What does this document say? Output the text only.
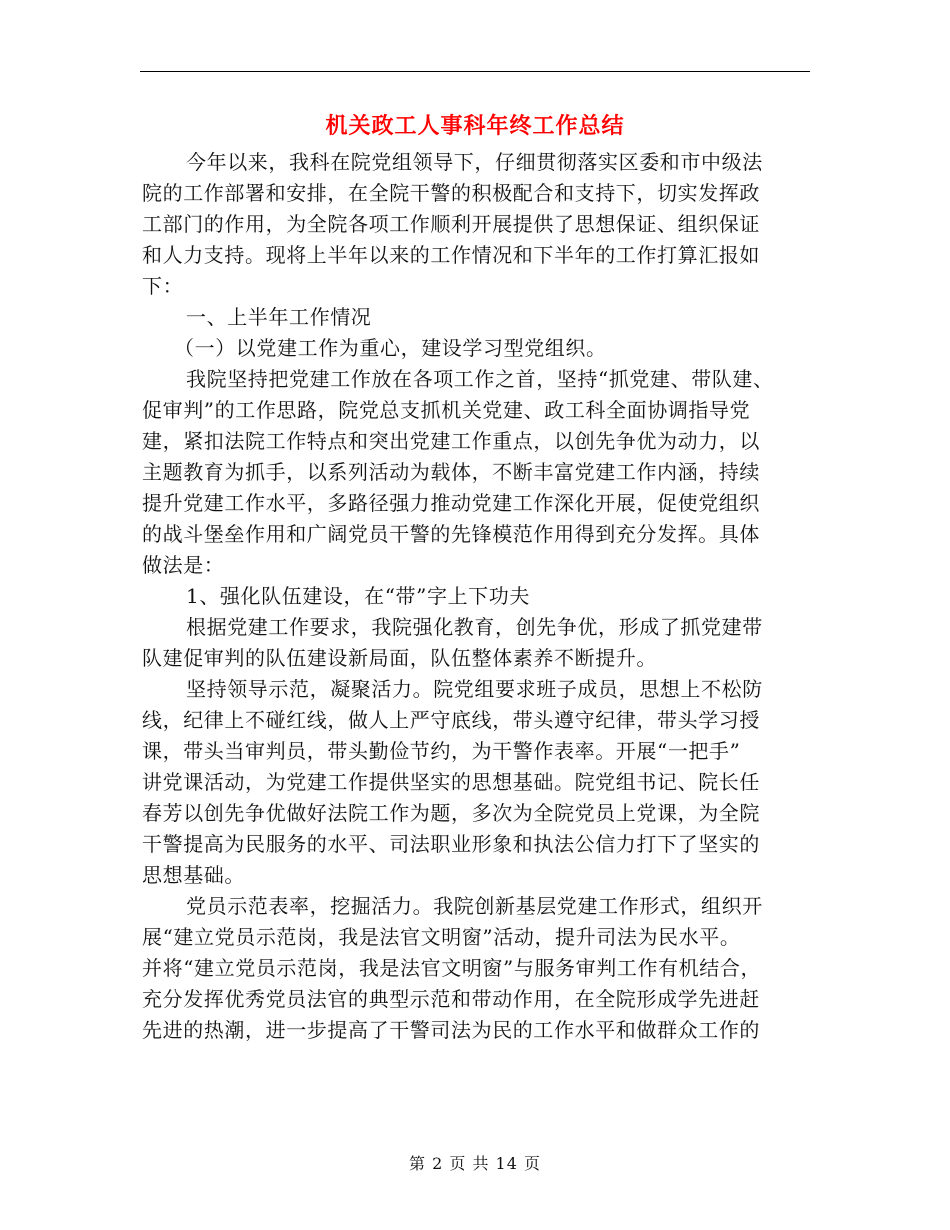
机关政工人事科年终工作总结
今年以来，我科在院党组领导下，仔细贯彻落实区委和市中级法
院的工作部署和安排，在全院干警的积极配合和支持下，切实发挥政
工部门的作用，为全院各项工作顺利开展提供了思想保证、组织保证
和人力支持。现将上半年以来的工作情况和下半年的工作打算汇报如
下：
一、上半年工作情况
（一）以党建工作为重心，建设学习型党组织。
我院坚持把党建工作放在各项工作之首，坚持“抓党建、带队建、
促审判”的工作思路，院党总支抓机关党建、政工科全面协调指导党
建，紧扣法院工作特点和突出党建工作重点，以创先争优为动力，以
主题教育为抓手，以系列活动为载体，不断丰富党建工作内涵，持续
提升党建工作水平，多路径强力推动党建工作深化开展，促使党组织
的战斗堡垒作用和广阔党员干警的先锋模范作用得到充分发挥。具体
做法是：
1、强化队伍建设，在“带”字上下功夫
根据党建工作要求，我院强化教育，创先争优，形成了抓党建带
队建促审判的队伍建设新局面，队伍整体素养不断提升。
坚持领导示范，凝聚活力。院党组要求班子成员，思想上不松防
线，纪律上不碰红线，做人上严守底线，带头遵守纪律，带头学习授
课，带头当审判员，带头勤俭节约，为干警作表率。开展“一把手”
讲党课活动，为党建工作提供坚实的思想基础。院党组书记、院长任
春芳以创先争优做好法院工作为题，多次为全院党员上党课，为全院
干警提高为民服务的水平、司法职业形象和执法公信力打下了坚实的
思想基础。
党员示范表率，挖掘活力。我院创新基层党建工作形式，组织开
展“建立党员示范岗，我是法官文明窗”活动，提升司法为民水平。
并将“建立党员示范岗，我是法官文明窗”与服务审判工作有机结合，
充分发挥优秀党员法官的典型示范和带动作用，在全院形成学先进赶
先进的热潮，进一步提高了干警司法为民的工作水平和做群众工作的
第 2 页 共 14 页
